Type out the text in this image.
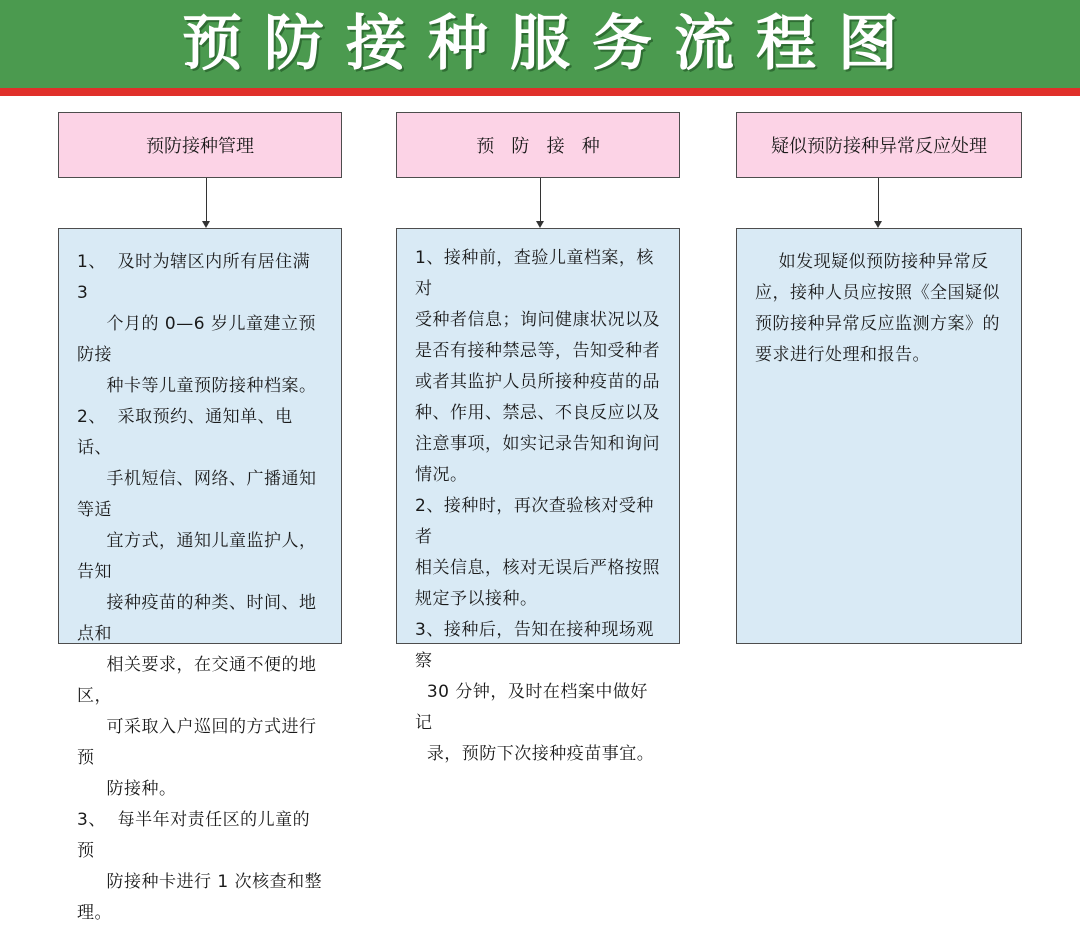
预防接种服务流程图
预防接种管理

1、  及时为辖区内所有居住满 3

个月的 0—6 岁儿童建立预防接

种卡等儿童预防接种档案。

2、  采取预约、通知单、电话、

手机短信、网络、广播通知等适

宜方式，通知儿童监护人，告知

接种疫苗的种类、时间、地点和

相关要求，在交通不便的地区，

可采取入户巡回的方式进行预

防接种。

3、  每半年对责任区的儿童的预

防接种卡进行 1 次核查和整理。

预   防   接   种

1、接种前，查验儿童档案，核对

受种者信息；询问健康状况以及

是否有接种禁忌等，告知受种者

或者其监护人员所接种疫苗的品

种、作用、禁忌、不良反应以及

注意事项，如实记录告知和询问

情况。

2、接种时，再次查验核对受种者

相关信息，核对无误后严格按照

规定予以接种。

3、接种后，告知在接种现场观察

30 分钟，及时在档案中做好记

录，预防下次接种疫苗事宜。

疑似预防接种异常反应处理

如发现疑似预防接种异常反

应，接种人员应按照《全国疑似

预防接种异常反应监测方案》的

要求进行处理和报告。
